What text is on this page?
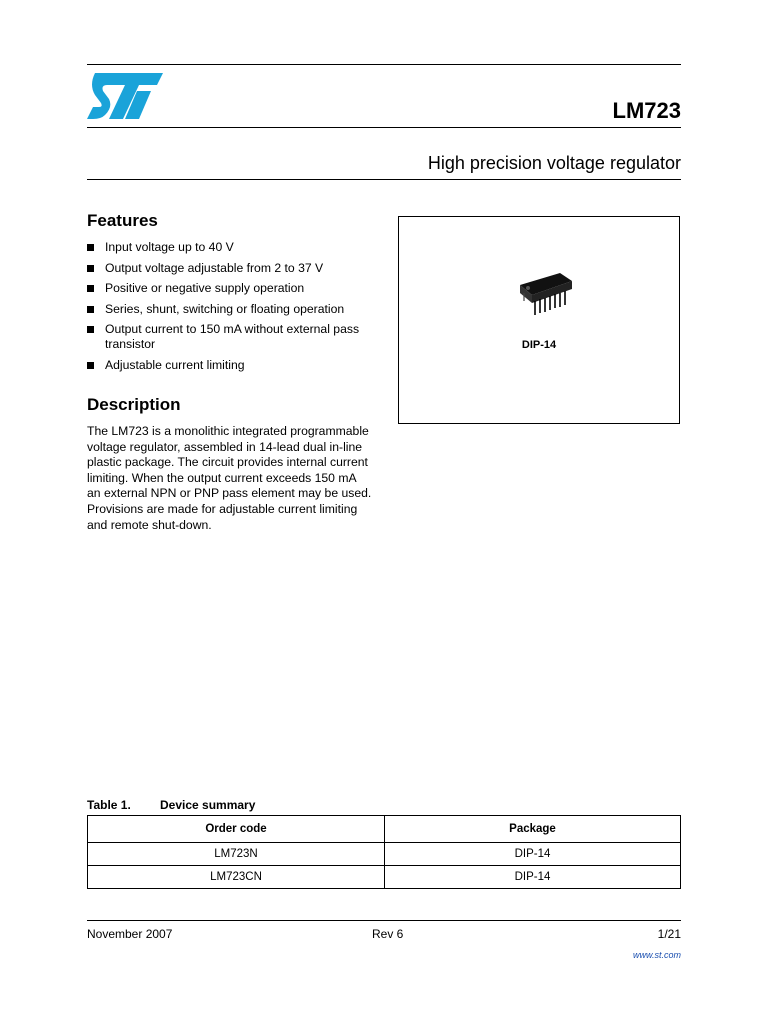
LM723
High precision voltage regulator
Features
Input voltage up to 40 V
Output voltage adjustable from 2 to 37 V
Positive or negative supply operation
Series, shunt, switching or floating operation
Output current to 150 mA without external pass transistor
Adjustable current limiting
Description

The LM723 is a monolithic integrated programmable voltage regulator, assembled in 14-lead dual in-line plastic package. The circuit provides internal current limiting. When the output current exceeds 150 mA an external NPN or PNP pass element may be used. Provisions are made for adjustable current limiting and remote shut-down.

DIP-14
Table 1. Device summary
Order code	Package
LM723N	DIP-14
LM723CN	DIP-14
November 2007	Rev 6	1/21
www.st.com
